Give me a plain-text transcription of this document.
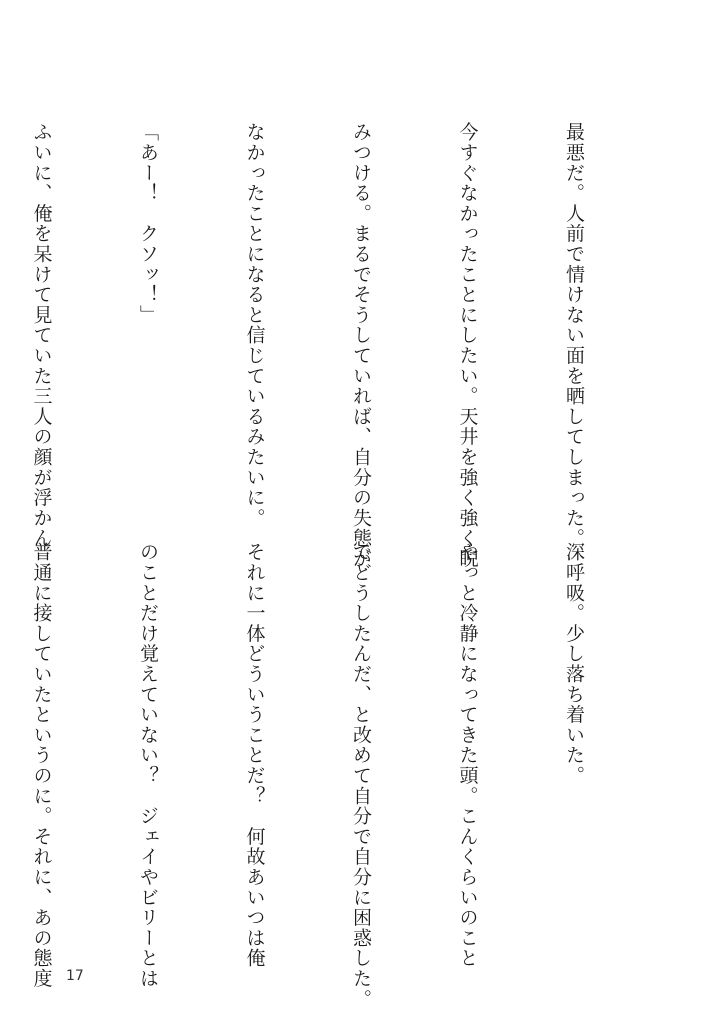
最悪だ。人前で情けない面を晒してしまった。

今すぐなかったことにしたい。天井を強く強く睨

みつける。まるでそうしていれば、自分の失態が

なかったことになると信じているみたいに。

「あー！　クソッ！」

ふいに、俺を呆けて見ていた三人の顔が浮かん

深呼吸。少し落ち着いた。

やっと冷静になってきた頭。こんくらいのこと

でどうしたんだ、と改めて自分で自分に困惑した。

それに一体どういうことだ？　何故あいつは俺

のことだけ覚えていない？　ジェイやビリーとは

普通に接していたというのに。それに、あの態度

17
